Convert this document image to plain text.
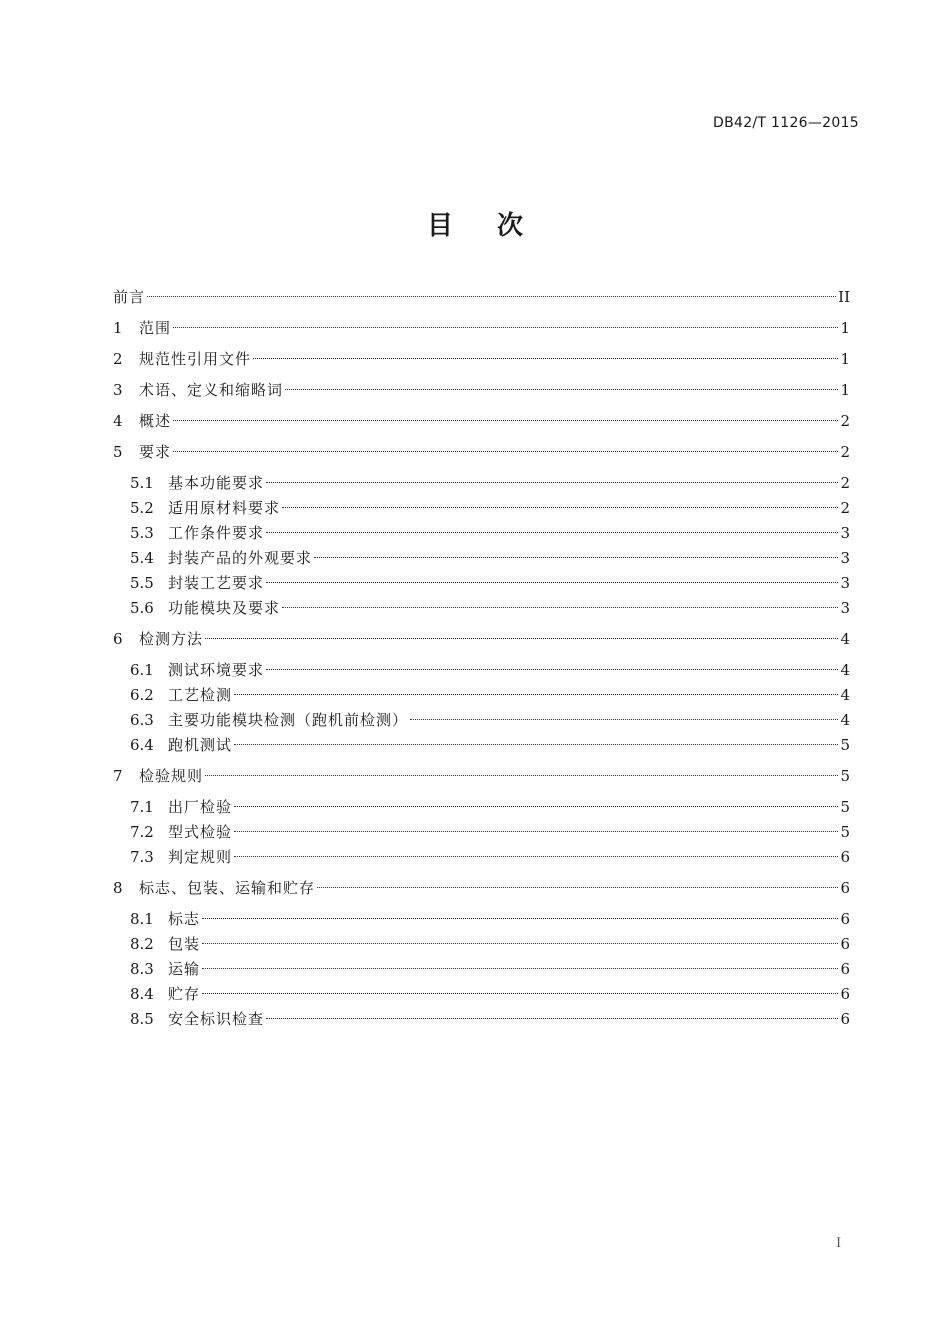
DB42/T 1126—2015
目 次
前言	II
1	范围	1
2	规范性引用文件	1
3	术语、定义和缩略词	1
4	概述	2
5	要求	2
5.1 基本功能要求	2
5.2 适用原材料要求	2
5.3 工作条件要求	3
5.4 封装产品的外观要求	3
5.5 封装工艺要求	3
5.6 功能模块及要求	3
6	检测方法	4
6.1 测试环境要求	4
6.2 工艺检测	4
6.3 主要功能模块检测（跑机前检测）	4
6.4 跑机测试	5
7	检验规则	5
7.1 出厂检验	5
7.2 型式检验	5
7.3 判定规则	6
8	标志、包装、运输和贮存	6
8.1 标志	6
8.2 包装	6
8.3 运输	6
8.4 贮存	6
8.5 安全标识检查	6
I
